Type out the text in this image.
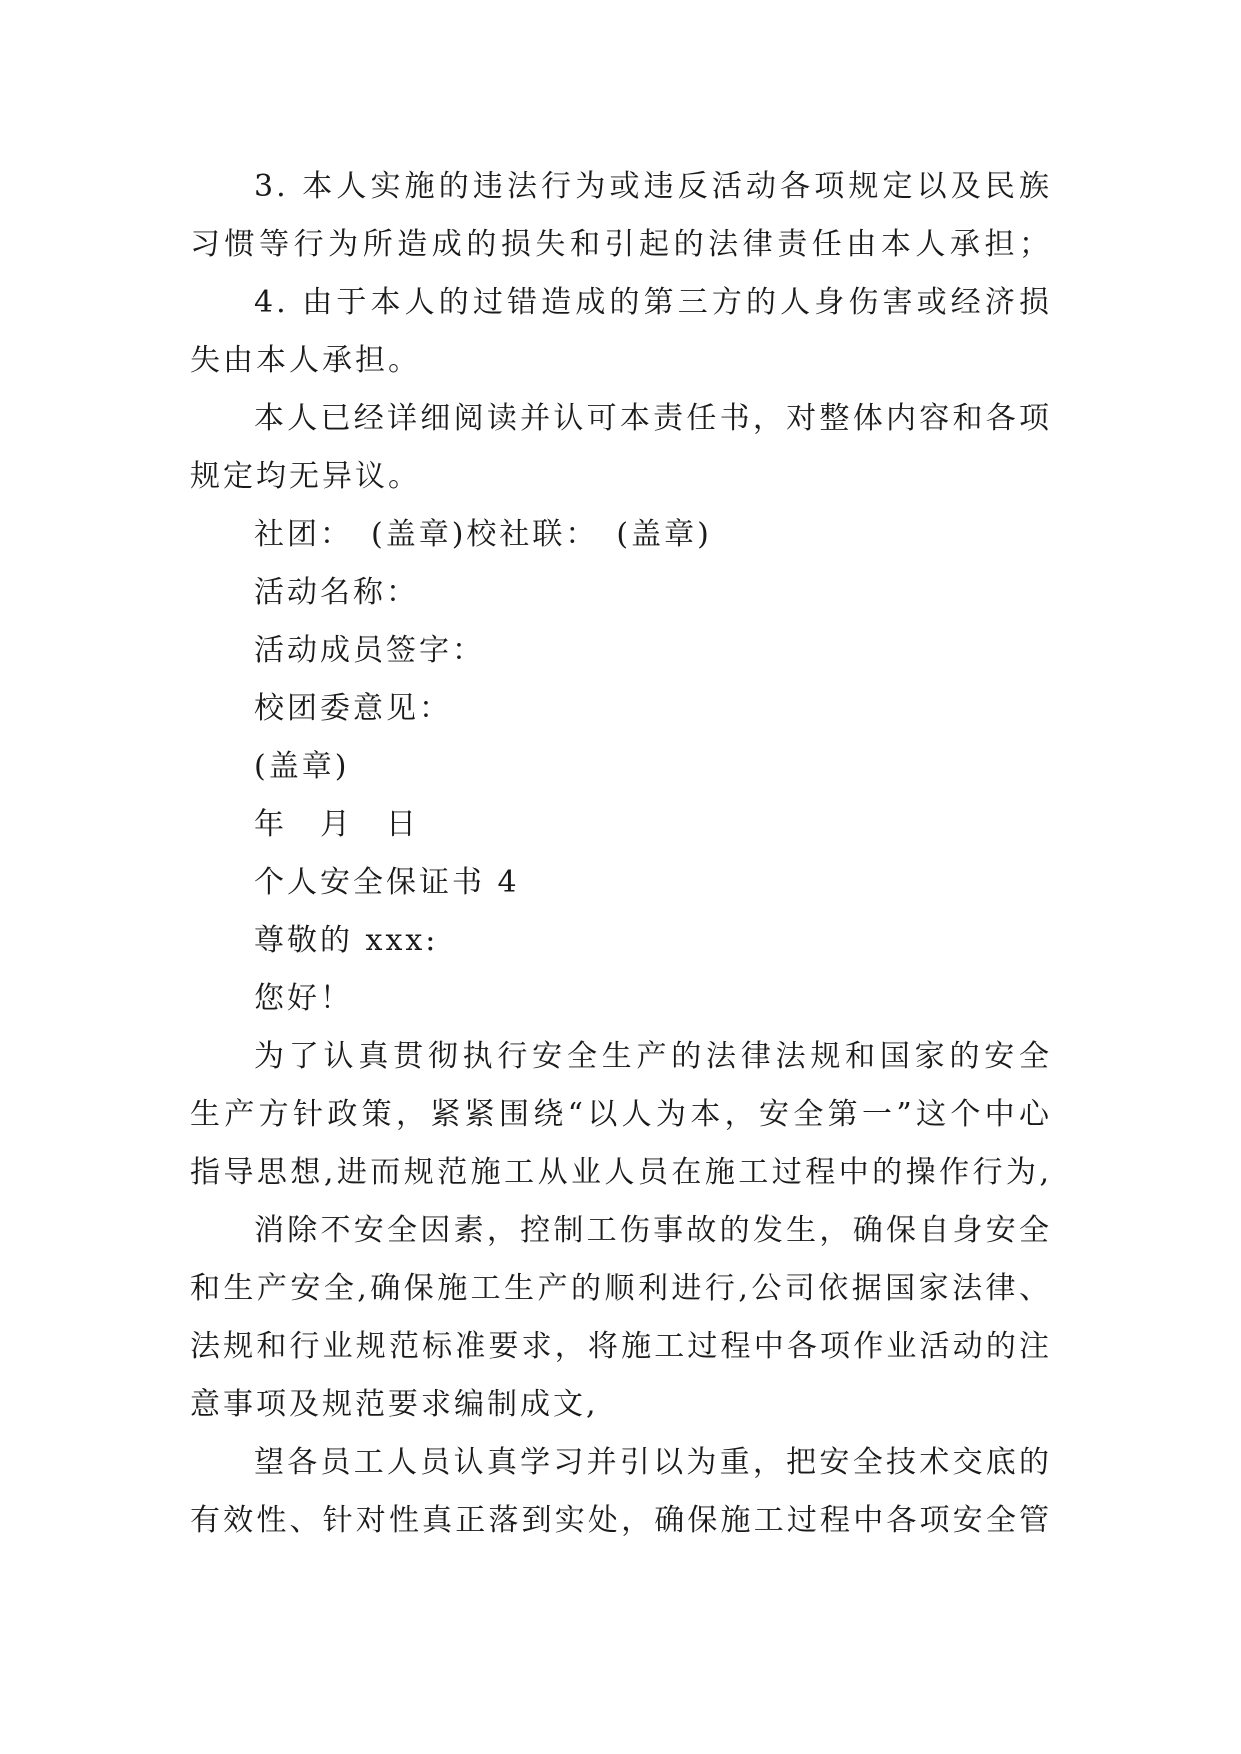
3. 本人实施的违法行为或违反活动各项规定以及民族

习惯等行为所造成的损失和引起的法律责任由本人承担；

4. 由于本人的过错造成的第三方的人身伤害或经济损

失由本人承担。

本人已经详细阅读并认可本责任书，对整体内容和各项

规定均无异议。

社团：　(盖章)校社联：　(盖章)

活动名称：

活动成员签字：

校团委意见：

(盖章)

年　月　日

个人安全保证书 4

尊敬的 xxx:

您好！

为了认真贯彻执行安全生产的法律法规和国家的安全

生产方针政策，紧紧围绕“以人为本，安全第一”这个中心

指导思想,进而规范施工从业人员在施工过程中的操作行为,

消除不安全因素，控制工伤事故的发生，确保自身安全

和生产安全,确保施工生产的顺利进行,公司依据国家法律、

法规和行业规范标准要求，将施工过程中各项作业活动的注

意事项及规范要求编制成文,

望各员工人员认真学习并引以为重，把安全技术交底的

有效性、针对性真正落到实处，确保施工过程中各项安全管
